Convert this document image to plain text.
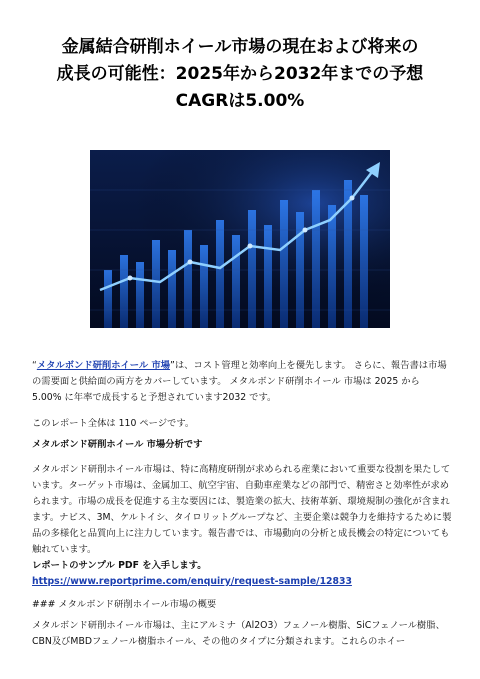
金属結合研削ホイール市場の現在および将来の
成長の可能性：2025年から2032年までの予想
CAGRは5.00%
“メタルボンド研削ホイール 市場”は、コスト管理と効率向上を優先します。 さらに、報告書は市場の需要面と供給面の両方をカバーしています。 メタルボンド研削ホイール 市場は 2025 から 5.00% に年率で成長すると予想されています2032 です。
このレポート全体は 110 ページです。
メタルボンド研削ホイール 市場分析です
メタルボンド研削ホイール市場は、特に高精度研削が求められる産業において重要な役割を果たしています。ターゲット市場は、金属加工、航空宇宙、自動車産業などの部門で、精密さと効率性が求められます。市場の成長を促進する主な要因には、製造業の拡大、技術革新、環境規制の強化が含まれます。ナビス、3M、ケルトイシ、タイロリットグループなど、主要企業は競争力を維持するために製品の多様化と品質向上に注力しています。報告書では、市場動向の分析と成長機会の特定についても触れています。
レポートのサンプル PDF を入手します。 https://www.reportprime.com/enquiry/request-sample/12833
### メタルボンド研削ホイール市場の概要
メタルボンド研削ホイール市場は、主にアルミナ（Al2O3）フェノール樹脂、SiCフェノール樹脂、CBN及びMBDフェノール樹脂ホイール、その他のタイプに分類されます。これらのホイー
